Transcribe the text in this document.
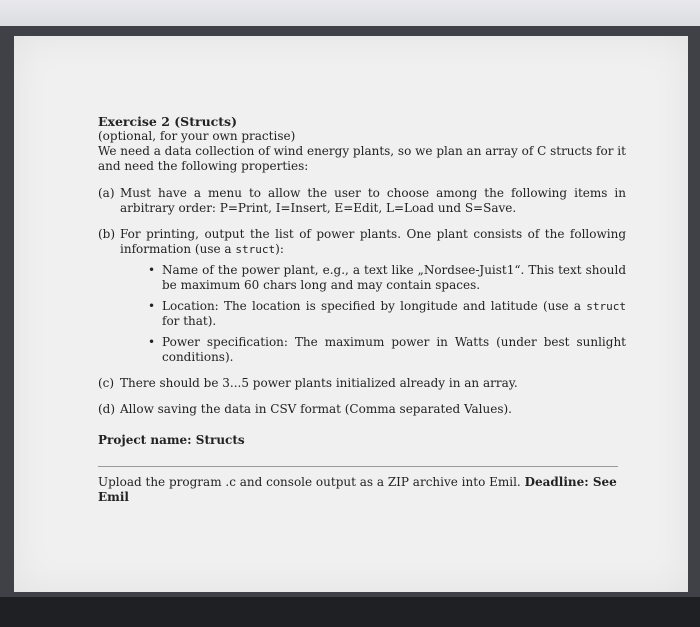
Exercise 2 (Structs)
(optional, for your own practise)
We need a data collection of wind energy plants, so we plan an array of C structs for it and need the following properties:
(a) Must have a menu to allow the user to choose among the following items in arbitrary order: P=Print, I=Insert, E=Edit, L=Load und S=Save.
(b) For printing, output the list of power plants. One plant consists of the following information (use a struct):
• Name of the power plant, e.g., a text like „Nordsee-Juist1“. This text should be maximum 60 chars long and may contain spaces.
• Location: The location is specified by longitude and latitude (use a struct for that).
• Power specification: The maximum power in Watts (under best sunlight conditions).
(c) There should be 3...5 power plants initialized already in an array.
(d) Allow saving the data in CSV format (Comma separated Values).
Project name: Structs
Upload the program .c and console output as a ZIP archive into Emil. Deadline: See Emil
